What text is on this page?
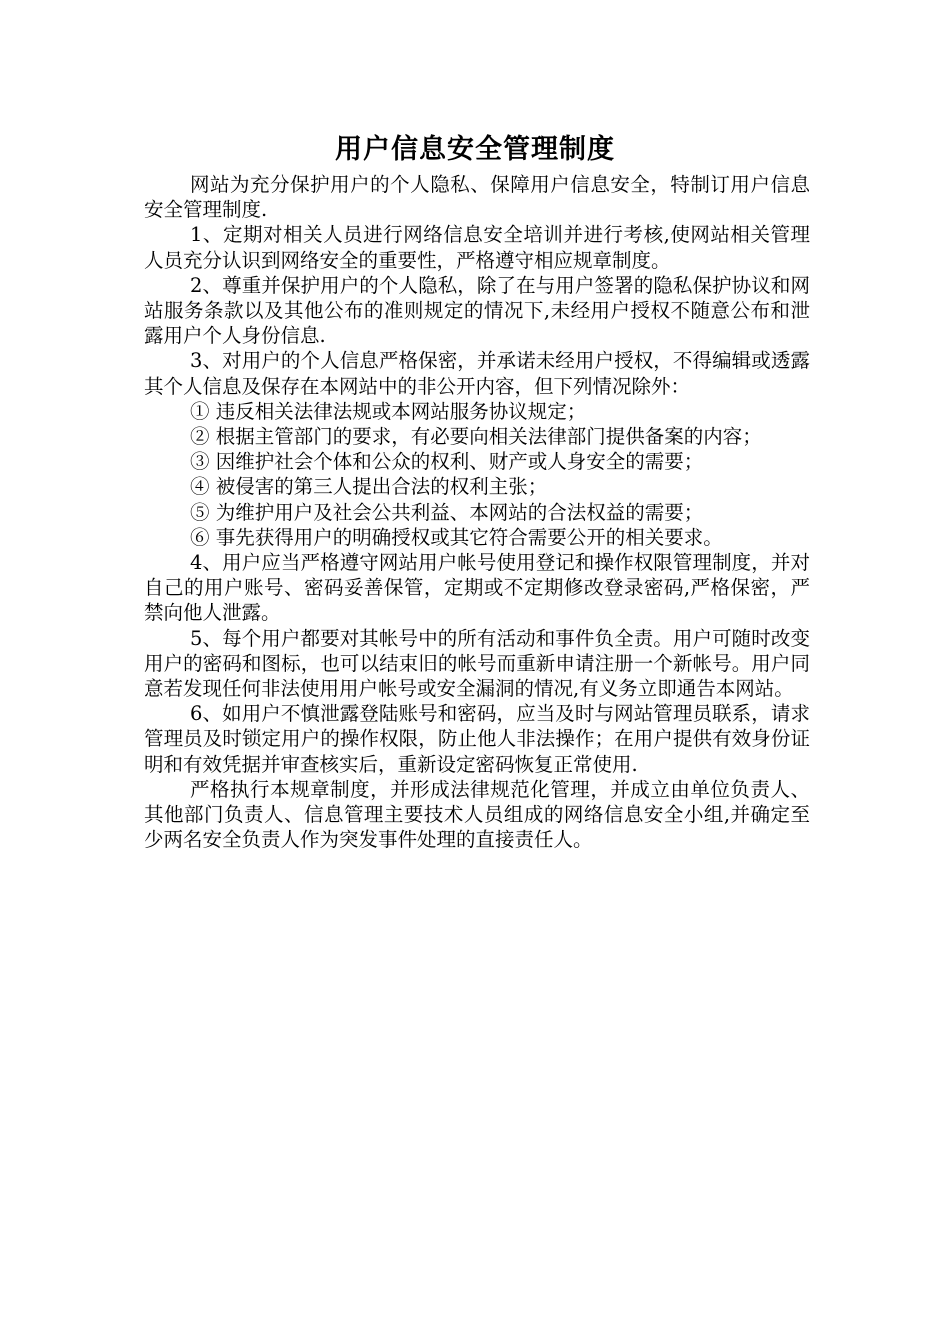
用户信息安全管理制度

网站为充分保护用户的个人隐私、保障用户信息安全，特制订用户信息安全管理制度.

1、定期对相关人员进行网络信息安全培训并进行考核,使网站相关管理人员充分认识到网络安全的重要性，严格遵守相应规章制度。

2、尊重并保护用户的个人隐私，除了在与用户签署的隐私保护协议和网站服务条款以及其他公布的准则规定的情况下,未经用户授权不随意公布和泄露用户个人身份信息.

3、对用户的个人信息严格保密，并承诺未经用户授权，不得编辑或透露其个人信息及保存在本网站中的非公开内容，但下列情况除外：

① 违反相关法律法规或本网站服务协议规定；

② 根据主管部门的要求，有必要向相关法律部门提供备案的内容；

③ 因维护社会个体和公众的权利、财产或人身安全的需要；

④ 被侵害的第三人提出合法的权利主张；

⑤ 为维护用户及社会公共利益、本网站的合法权益的需要；

⑥ 事先获得用户的明确授权或其它符合需要公开的相关要求。

4、用户应当严格遵守网站用户帐号使用登记和操作权限管理制度，并对自己的用户账号、密码妥善保管，定期或不定期修改登录密码,严格保密，严禁向他人泄露。

5、每个用户都要对其帐号中的所有活动和事件负全责。用户可随时改变用户的密码和图标，也可以结束旧的帐号而重新申请注册一个新帐号。用户同意若发现任何非法使用用户帐号或安全漏洞的情况,有义务立即通告本网站。

6、如用户不慎泄露登陆账号和密码，应当及时与网站管理员联系，请求管理员及时锁定用户的操作权限，防止他人非法操作；在用户提供有效身份证明和有效凭据并审查核实后，重新设定密码恢复正常使用.

严格执行本规章制度，并形成法律规范化管理，并成立由单位负责人、其他部门负责人、信息管理主要技术人员组成的网络信息安全小组,并确定至少两名安全负责人作为突发事件处理的直接责任人。
